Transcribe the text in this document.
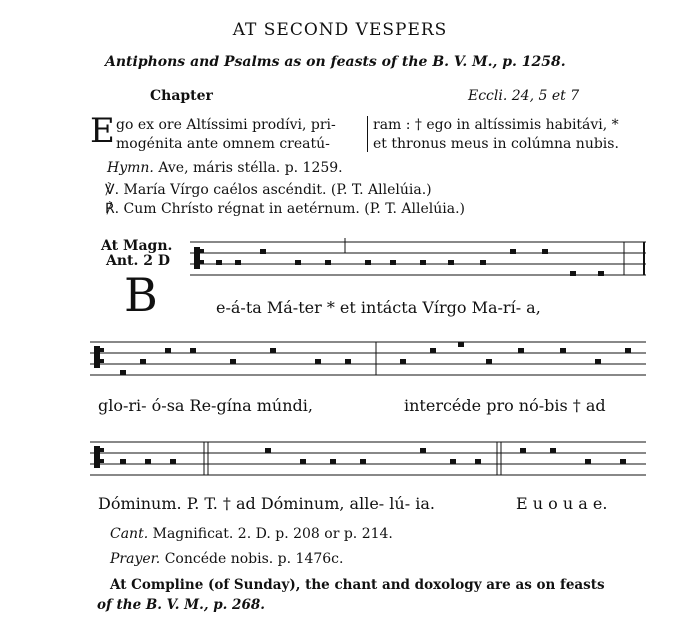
AT SECOND VESPERS
Antiphons and Psalms as on feasts of the B. V. M., p. 1258.
Chapter	Eccli. 24, 5 et 7
E go ex ore Altíssimi prodívi, pri-
mogénita ante omnem creatú-
ram : † ego in altíssimis habitávi, *
et thronus meus in colúmna nubis.
Hymn. Ave, máris stélla. p. 1259.
℣. María Vírgo caélos ascéndit. (P. T. Allelúia.)
℟. Cum Chrísto régnat in aetérnum. (P. T. Allelúia.)
At Magn.
Ant. 2 D
B	e-á-ta Má-ter * et intácta Vírgo Ma-rí- a,
glo-ri- ó-sa Re-gína múndi,	intercéde pro nó-bis † ad
Dóminum. P. T. † ad Dóminum, alle- lú- ia.	E u o u a e.
Cant. Magnificat. 2. D. p. 208 or p. 214.
Prayer. Concéde nobis. p. 1476c.
At Compline (of Sunday), the chant and doxology are as on feasts
of the B. V. M., p. 268.
